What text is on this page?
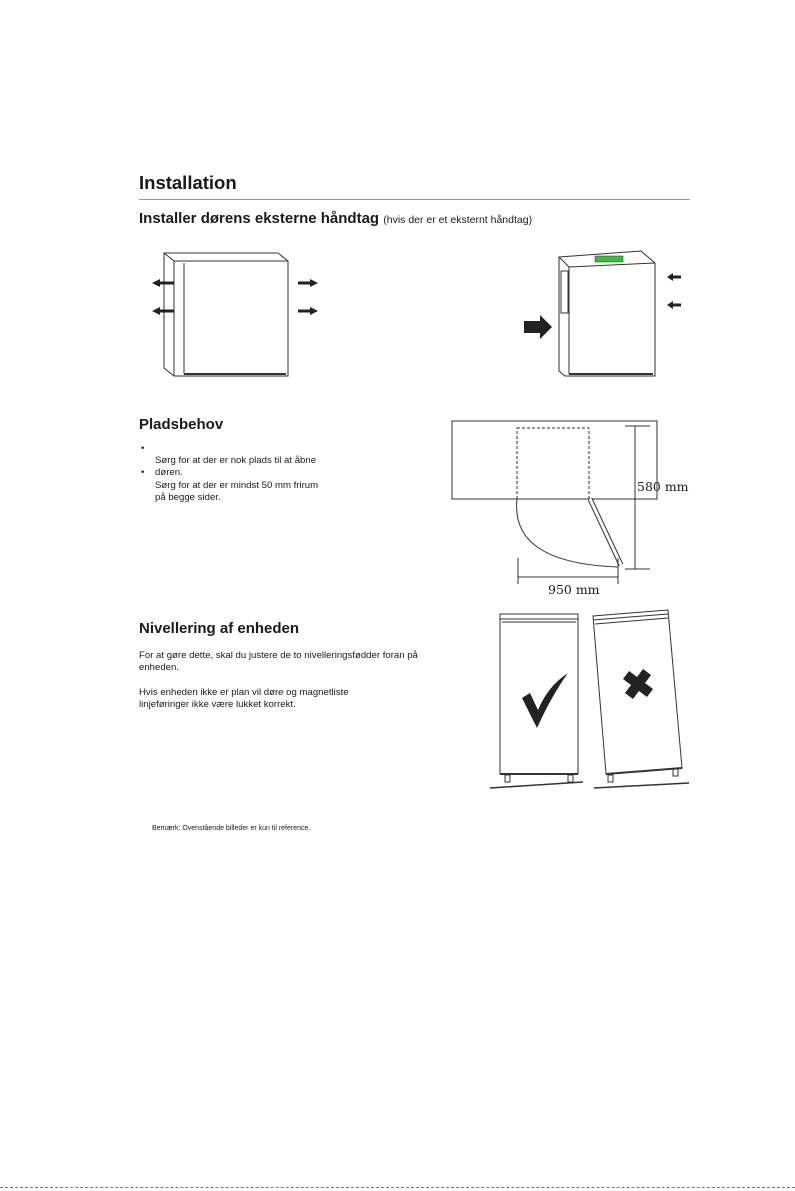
Installation
Installer dørens eksterne håndtag (hvis der er et eksternt håndtag)
Pladsbehov
•
Sørg for at der er nok plads til at åbne
• døren.
Sørg for at der er mindst 50 mm frirum
på begge sider.
580 mm
950 mm
Nivellering af enheden
For at gøre dette, skal du justere de to nivelleringsfødder foran på
enheden.
Hvis enheden ikke er plan vil døre og magnetliste
linjeføringer ikke være lukket korrekt.
Bemærk: Ovenstående billeder er kun til reference.
